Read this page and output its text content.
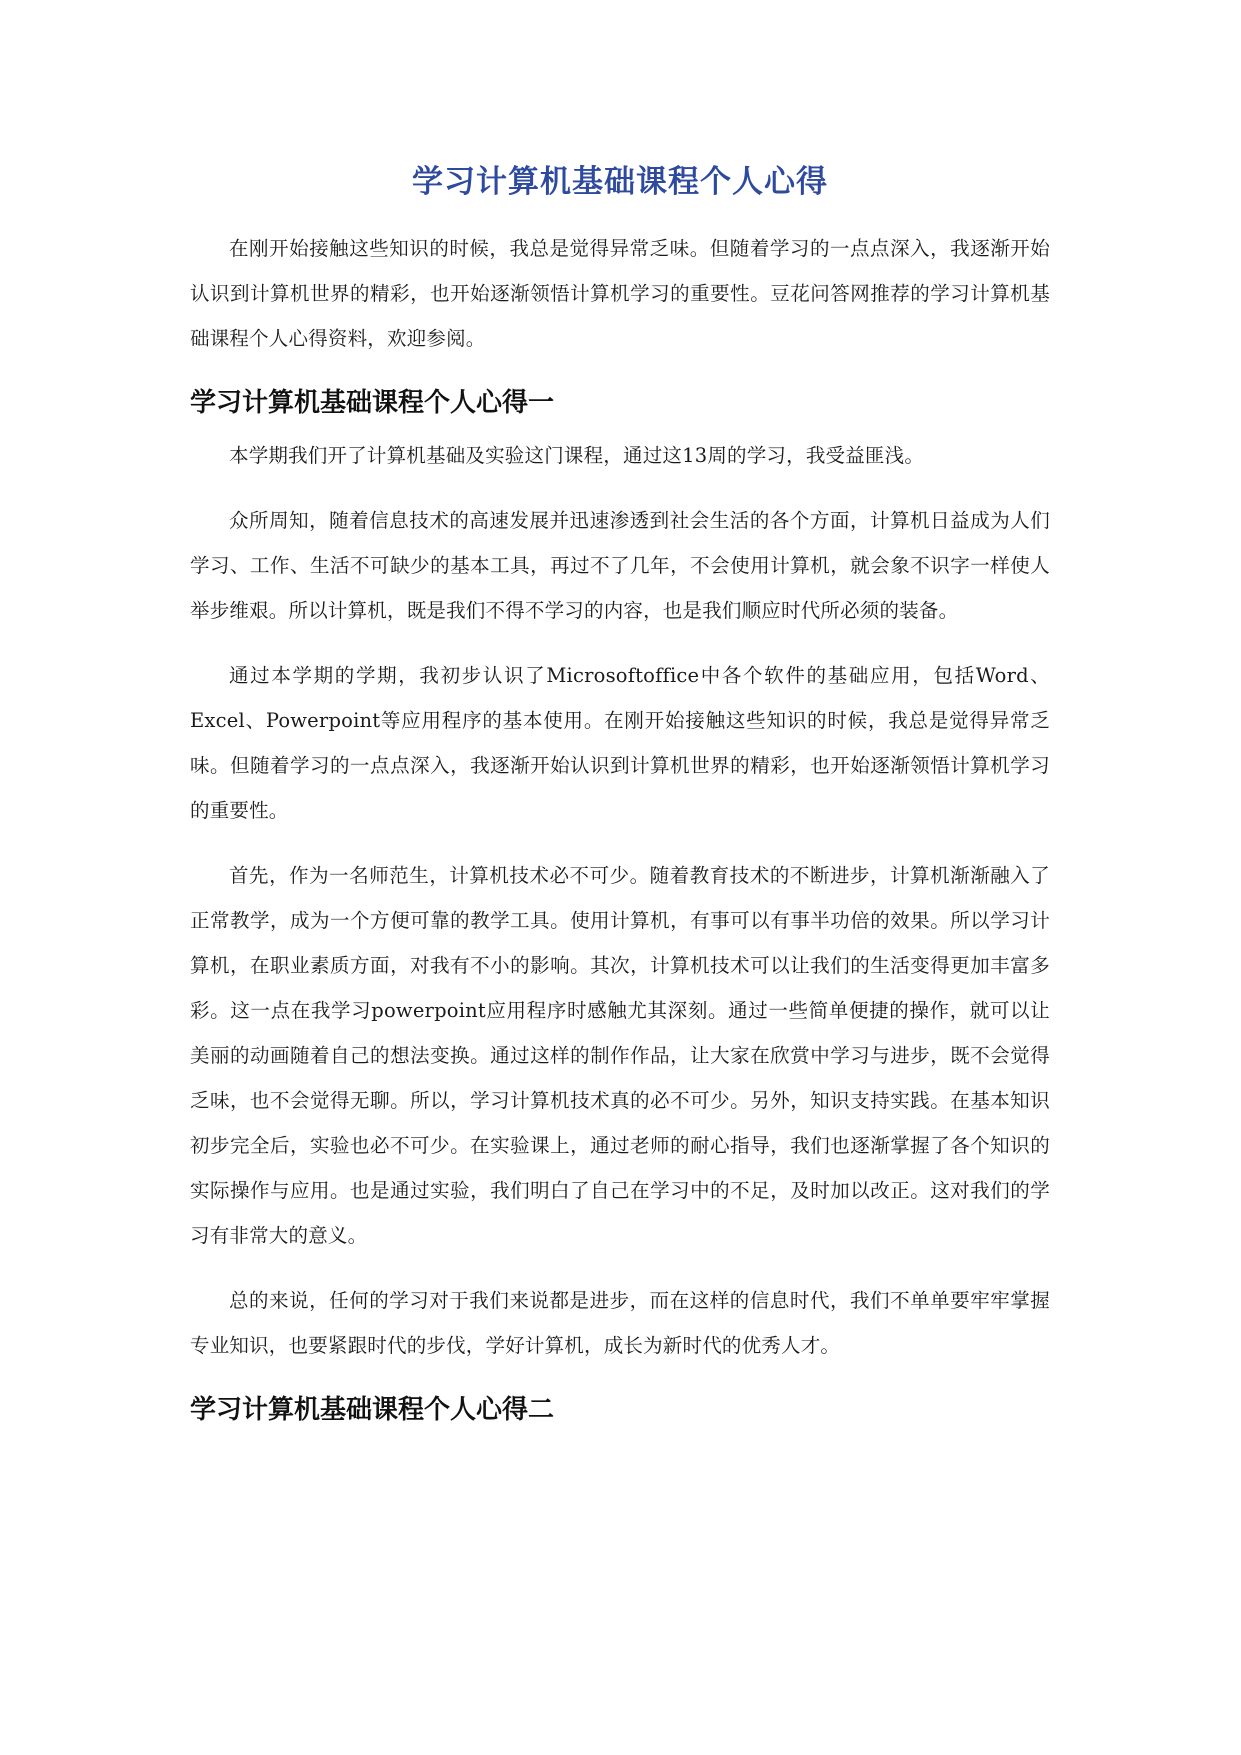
学习计算机基础课程个人心得

在刚开始接触这些知识的时候，我总是觉得异常乏味。但随着学习的一点点深入，我逐渐开始认识到计算机世界的精彩，也开始逐渐领悟计算机学习的重要性。豆花问答网推荐的学习计算机基础课程个人心得资料，欢迎参阅。

学习计算机基础课程个人心得一

本学期我们开了计算机基础及实验这门课程，通过这13周的学习，我受益匪浅。

众所周知，随着信息技术的高速发展并迅速渗透到社会生活的各个方面，计算机日益成为人们学习、工作、生活不可缺少的基本工具，再过不了几年，不会使用计算机，就会象不识字一样使人举步维艰。所以计算机，既是我们不得不学习的内容，也是我们顺应时代所必须的装备。

通过本学期的学期，我初步认识了Microsoftoffice中各个软件的基础应用，包括Word、Excel、Powerpoint等应用程序的基本使用。在刚开始接触这些知识的时候，我总是觉得异常乏味。但随着学习的一点点深入，我逐渐开始认识到计算机世界的精彩，也开始逐渐领悟计算机学习的重要性。

首先，作为一名师范生，计算机技术必不可少。随着教育技术的不断进步，计算机渐渐融入了正常教学，成为一个方便可靠的教学工具。使用计算机，有事可以有事半功倍的效果。所以学习计算机，在职业素质方面，对我有不小的影响。其次，计算机技术可以让我们的生活变得更加丰富多彩。这一点在我学习powerpoint应用程序时感触尤其深刻。通过一些简单便捷的操作，就可以让美丽的动画随着自己的想法变换。通过这样的制作作品，让大家在欣赏中学习与进步，既不会觉得乏味，也不会觉得无聊。所以，学习计算机技术真的必不可少。另外，知识支持实践。在基本知识初步完全后，实验也必不可少。在实验课上，通过老师的耐心指导，我们也逐渐掌握了各个知识的实际操作与应用。也是通过实验，我们明白了自己在学习中的不足，及时加以改正。这对我们的学习有非常大的意义。

总的来说，任何的学习对于我们来说都是进步，而在这样的信息时代，我们不单单要牢牢掌握专业知识，也要紧跟时代的步伐，学好计算机，成长为新时代的优秀人才。

学习计算机基础课程个人心得二
